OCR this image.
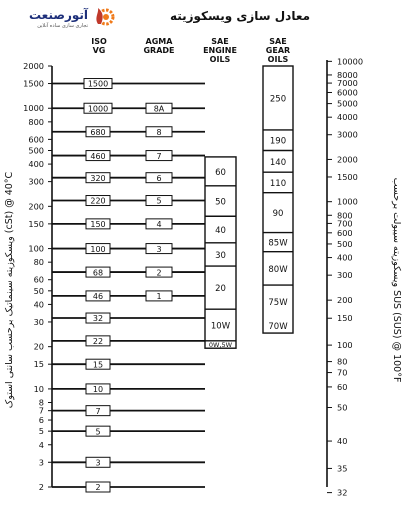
آتورصنعت
تجاری سازی ساده آنلاین
معادل سازی ویسکوزیته
ISO
VG
AGMA
GRADE
SAE
ENGINE
OILS
SAE
GEAR
OILS
2
3
4
5
6
7
8
10
15
20
30
40
50
60
80
100
150
200
300
400
500
600
800
1000
1500
2000
ویسکوزیته سینماتیک برحسب سانتی استوک (cSt) @ 40°C
32
35
40
50
60
70
80
100
150
200
300
400
500
600
700
800
1000
1500
2000
3000
4000
5000
6000
7000
8000
10000
ویسکوزیته سیبولت برحسب SUS (SUS) @ 100°F
1500
1000
680
460
320
220
150
100
68
46
32
22
15
10
7
5
3
2
8A
8
7
6
5
4
3
2
1
60
50
40
30
20
10W
0W,5W
250
190
140
110
90
85W
80W
75W
70W
